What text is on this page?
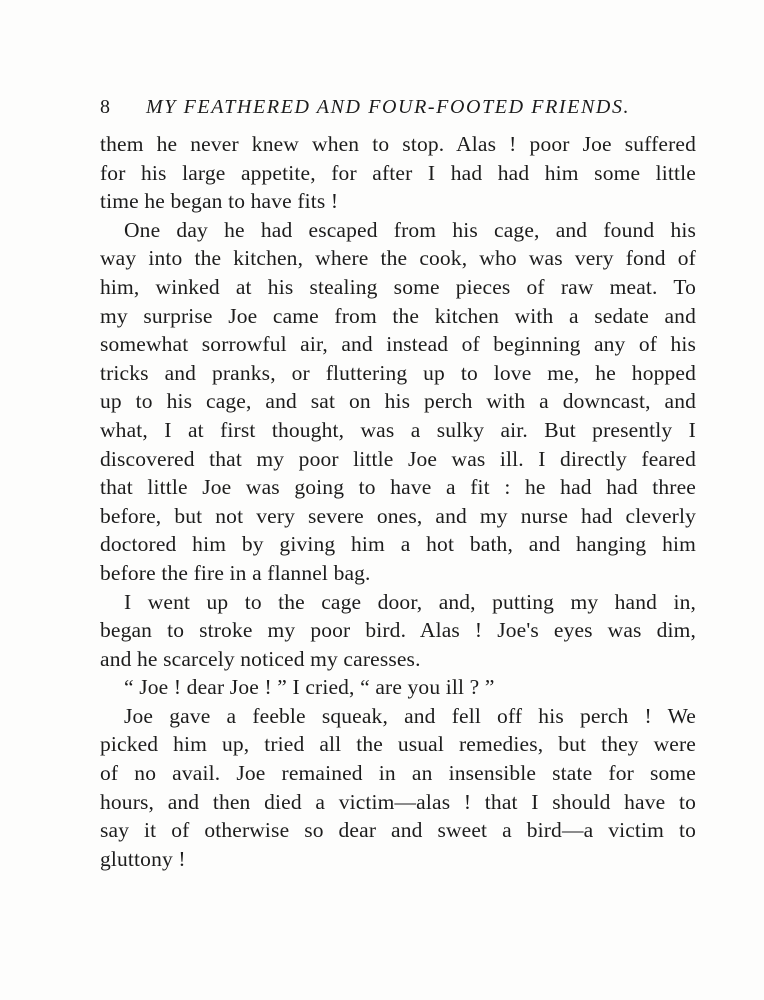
8 MY FEATHERED AND FOUR-FOOTED FRIENDS.
them he never knew when to stop. Alas ! poor Joe suffered
for his large appetite, for after I had had him some little
time he began to have fits !
One day he had escaped from his cage, and found his
way into the kitchen, where the cook, who was very fond of
him, winked at his stealing some pieces of raw meat. To
my surprise Joe came from the kitchen with a sedate and
somewhat sorrowful air, and instead of beginning any of his
tricks and pranks, or fluttering up to love me, he hopped
up to his cage, and sat on his perch with a downcast, and
what, I at first thought, was a sulky air. But presently I
discovered that my poor little Joe was ill. I directly feared
that little Joe was going to have a fit : he had had three
before, but not very severe ones, and my nurse had cleverly
doctored him by giving him a hot bath, and hanging him
before the fire in a flannel bag.
I went up to the cage door, and, putting my hand in,
began to stroke my poor bird. Alas ! Joe's eyes was dim,
and he scarcely noticed my caresses.
“ Joe ! dear Joe ! ” I cried, “ are you ill ? ”
Joe gave a feeble squeak, and fell off his perch ! We
picked him up, tried all the usual remedies, but they were
of no avail. Joe remained in an insensible state for some
hours, and then died a victim—alas ! that I should have to
say it of otherwise so dear and sweet a bird—a victim to
gluttony !
